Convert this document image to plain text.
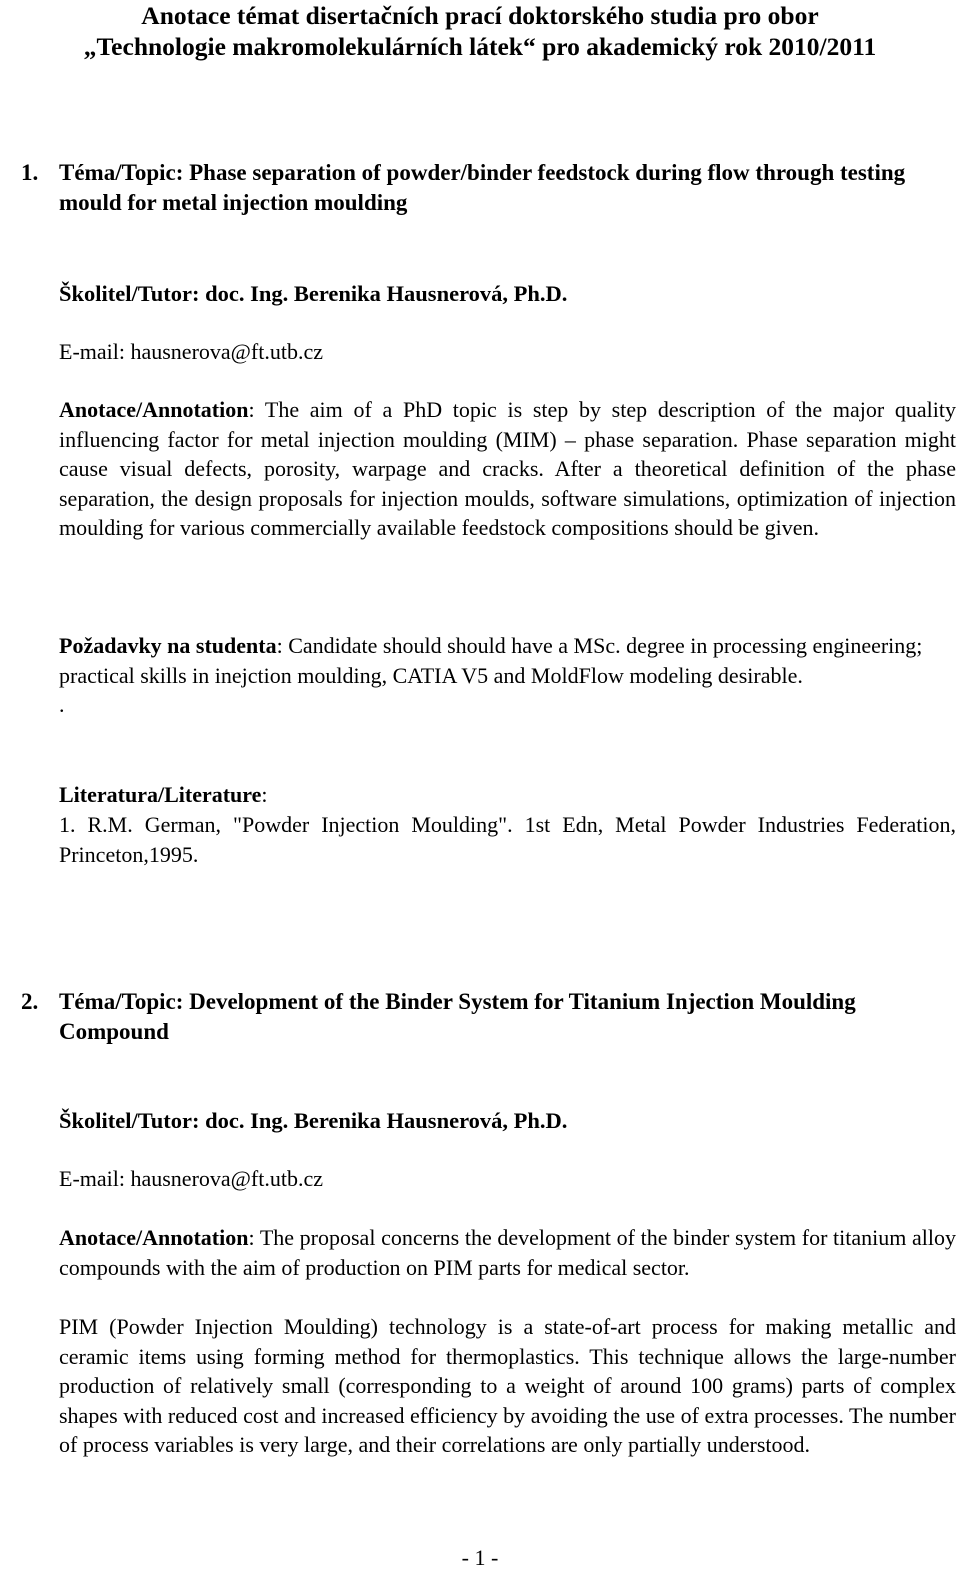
Anotace témat disertačních prací doktorského studia pro obor
„Technologie makromolekulárních látek“ pro akademický rok 2010/2011
1. Téma/Topic: Phase separation of powder/binder feedstock during flow through testing mould for metal injection moulding
Školitel/Tutor: doc. Ing. Berenika Hausnerová, Ph.D.
E-mail: hausnerova@ft.utb.cz
Anotace/Annotation: The aim of a PhD topic is step by step description of the major quality influencing factor for metal injection moulding (MIM) – phase separation. Phase separation might cause visual defects, porosity, warpage and cracks. After a theoretical definition of the phase separation, the design proposals for injection moulds, software simulations, optimization of injection moulding for various commercially available feedstock compositions should be given.
Požadavky na studenta: Candidate should should have a MSc. degree in processing engineering; practical skills in inejction moulding, CATIA V5 and MoldFlow modeling desirable.
.
Literatura/Literature:
1. R.M. German, "Powder Injection Moulding". 1st Edn, Metal Powder Industries Federation, Princeton,1995.
2. Téma/Topic: Development of the Binder System for Titanium Injection Moulding Compound
Školitel/Tutor: doc. Ing. Berenika Hausnerová, Ph.D.
E-mail: hausnerova@ft.utb.cz
Anotace/Annotation: The proposal concerns the development of the binder system for titanium alloy compounds with the aim of production on PIM parts for medical sector.
PIM (Powder Injection Moulding) technology is a state-of-art process for making metallic and ceramic items using forming method for thermoplastics. This technique allows the large-number production of relatively small (corresponding to a weight of around 100 grams) parts of complex shapes with reduced cost and increased efficiency by avoiding the use of extra processes. The number of process variables is very large, and their correlations are only partially understood.
- 1 -
